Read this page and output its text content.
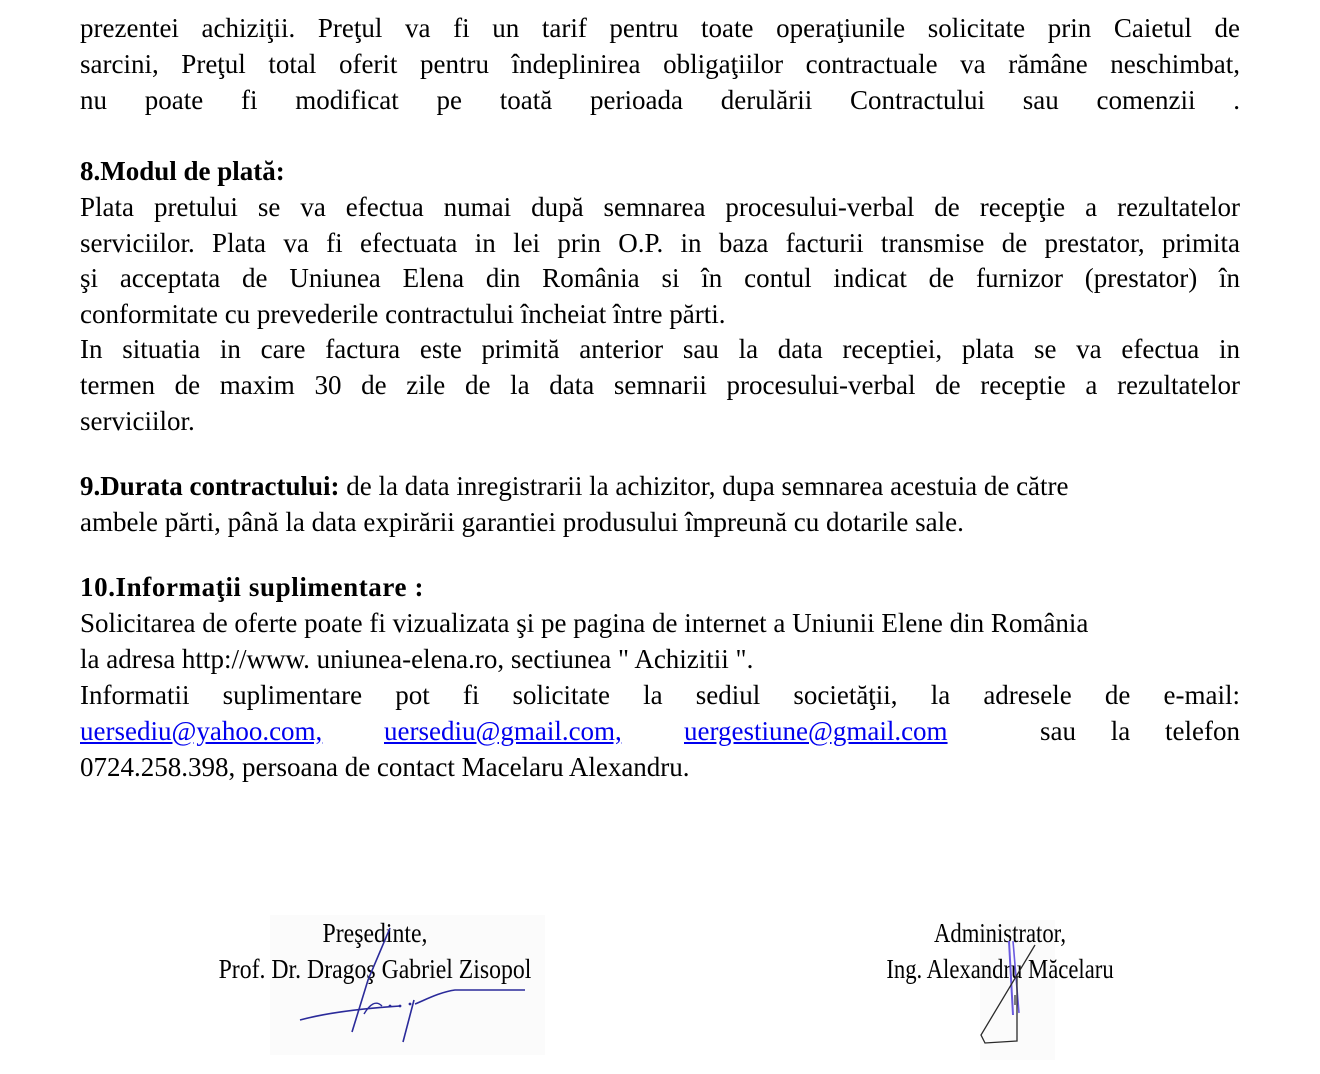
prezentei achiziţii. Preţul va fi un tarif pentru toate operaţiunile solicitate prin Caietul de
sarcini, Preţul total oferit pentru îndeplinirea obligaţiilor contractuale va rămâne neschimbat,
nu poate fi modificat pe toată perioada derulării Contractului sau comenzii .
8.Modul de plată:
Plata pretului se va efectua numai după semnarea procesului-verbal de recepţie a rezultatelor
serviciilor. Plata va fi efectuata in lei prin O.P. in baza facturii transmise de prestator, primita
şi acceptata de Uniunea Elena din România si în contul indicat de furnizor (prestator) în
conformitate cu prevederile contractului încheiat între părti.
In situatia in care factura este primită anterior sau la data receptiei, plata se va efectua in
termen de maxim 30 de zile de la data semnarii procesului-verbal de receptie a rezultatelor
serviciilor.
9.Durata contractului: de la data inregistrarii la achizitor, dupa semnarea acestuia de către
ambele părti, până la data expirării garantiei produsului împreună cu dotarile sale.
10.Informaţii suplimentare :
Solicitarea de oferte poate fi vizualizata şi pe pagina de internet a Uniunii Elene din România
la adresa http://www. uniunea-elena.ro, sectiunea " Achizitii ".
Informatii suplimentare pot fi solicitate la sediul societăţii, la adresele de e-mail:
uersediu@yahoo.com, uersediu@gmail.com, uergestiune@gmail.com	sau la telefon
0724.258.398, persoana de contact Macelaru Alexandru.
Preşedinte,
Prof. Dr. Dragoş Gabriel Zisopol
Administrator,
Ing. Alexandru Măcelaru
